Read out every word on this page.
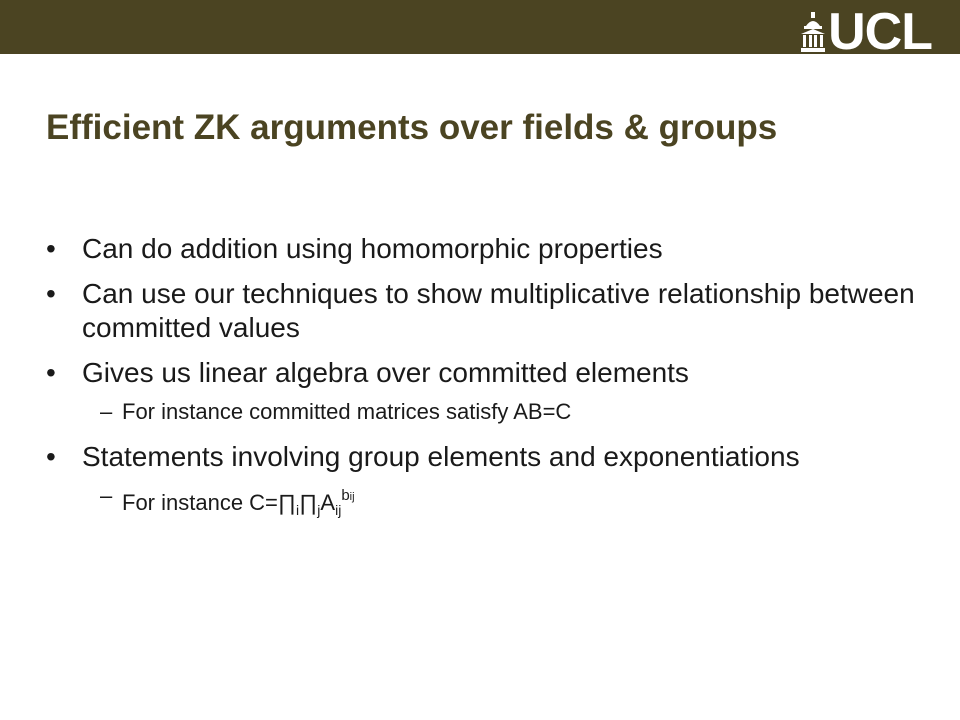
UCL
Efficient ZK arguments over fields & groups
• Can do addition using homomorphic properties
• Can use our techniques to show multiplicative relationship between committed values
• Gives us linear algebra over committed elements
– For instance committed matrices satisfy AB=C
• Statements involving group elements and exponentiations
– For instance $C=\prod_i\prod_jA_{ij}^{bij}$
